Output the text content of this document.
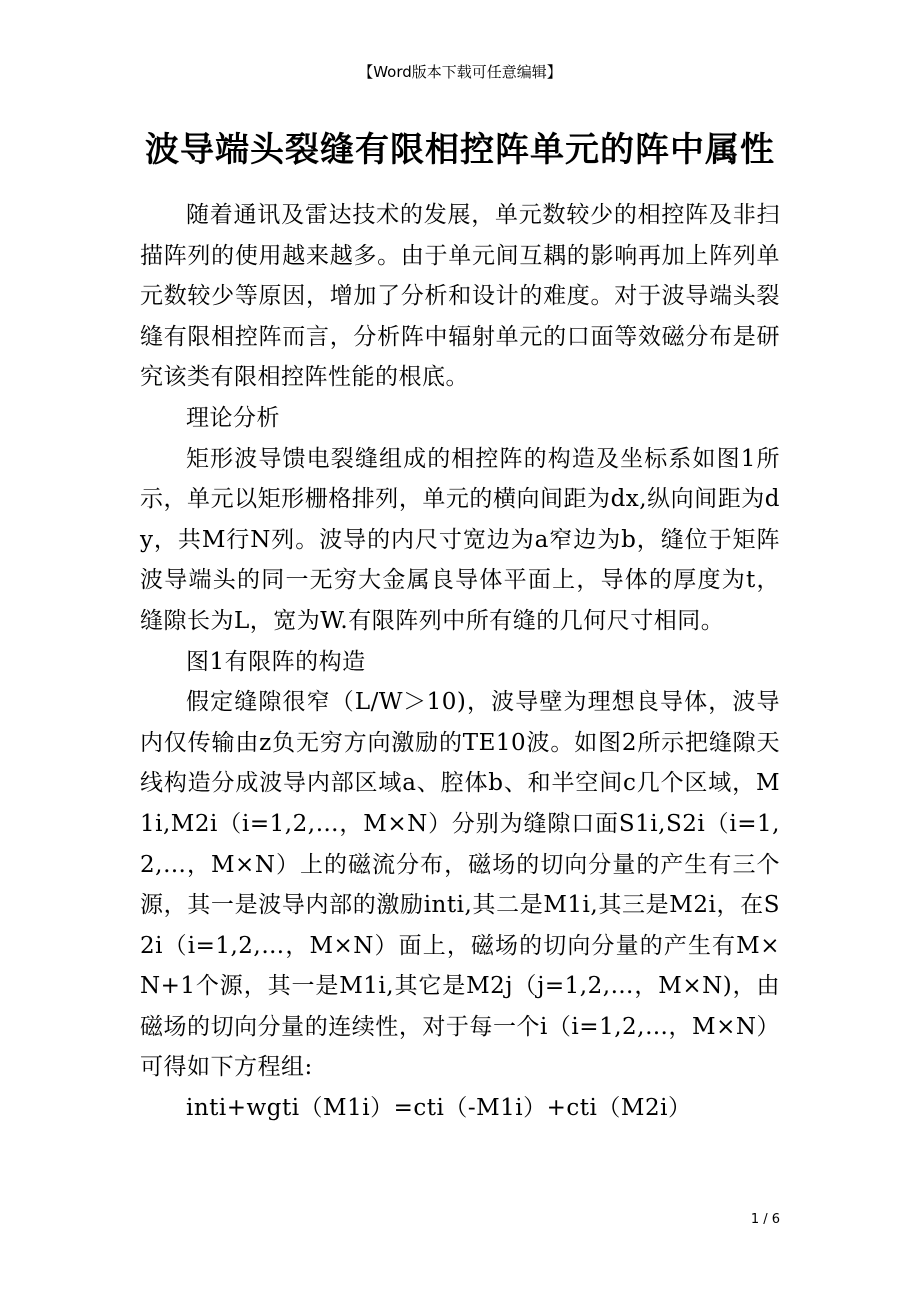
【Word版本下载可任意编辑】
波导端头裂缝有限相控阵单元的阵中属性

随着通讯及雷达技术的发展，单元数较少的相控阵及非扫描阵列的使用越来越多。由于单元间互耦的影响再加上阵列单元数较少等原因，增加了分析和设计的难度。对于波导端头裂缝有限相控阵而言，分析阵中辐射单元的口面等效磁分布是研究该类有限相控阵性能的根底。

理论分析

矩形波导馈电裂缝组成的相控阵的构造及坐标系如图1所示，单元以矩形栅格排列，单元的横向间距为dx,纵向间距为dy，共M行N列。波导的内尺寸宽边为a窄边为b，缝位于矩阵波导端头的同一无穷大金属良导体平面上，导体的厚度为t，缝隙长为L，宽为W.有限阵列中所有缝的几何尺寸相同。

图1有限阵的构造

假定缝隙很窄（L/W＞10)，波导壁为理想良导体，波导内仅传输由z负无穷方向激励的TE10波。如图2所示把缝隙天线构造分成波导内部区域a、腔体b、和半空间c几个区域，M1i,M2i（i=1,2,…，M×N）分别为缝隙口面S1i,S2i（i=1,2,…，M×N）上的磁流分布，磁场的切向分量的产生有三个源，其一是波导内部的激励inti,其二是M1i,其三是M2i，在S2i（i=1,2,…，M×N）面上，磁场的切向分量的产生有M×N+1个源，其一是M1i,其它是M2j（j=1,2,…，M×N)，由磁场的切向分量的连续性，对于每一个i（i=1,2,…，M×N）可得如下方程组:

inti+wgti（M1i）=cti（-M1i）+cti（M2i）

1 / 6
